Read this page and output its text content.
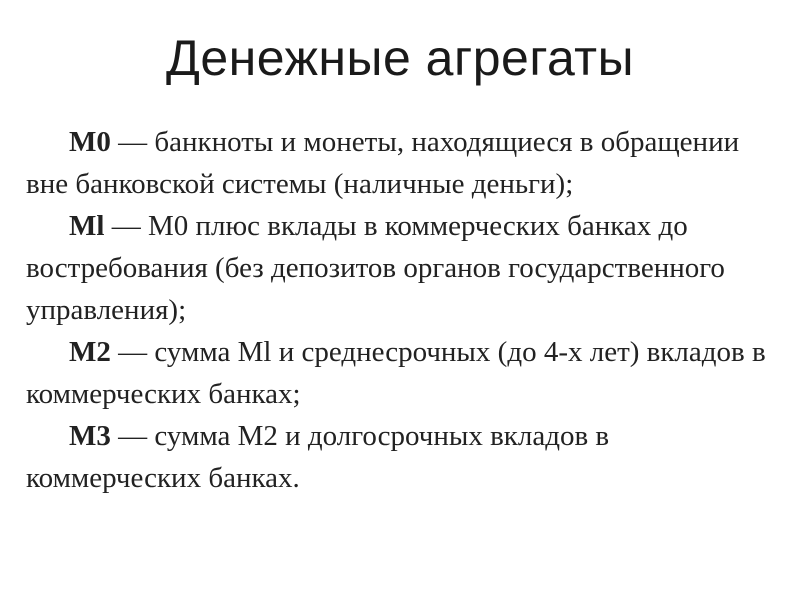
Денежные агрегаты

М0 — банкноты и монеты, находящиеся в обращении вне банковской системы (наличные деньги);

Ml — М0 плюс вклады в коммерческих банках до востребования (без депозитов органов государственного управления);

М2 — сумма Ml и среднесрочных (до 4-х лет) вкладов в коммерческих банках;

М3 — сумма М2 и долгосрочных вкладов в коммерческих банках.
